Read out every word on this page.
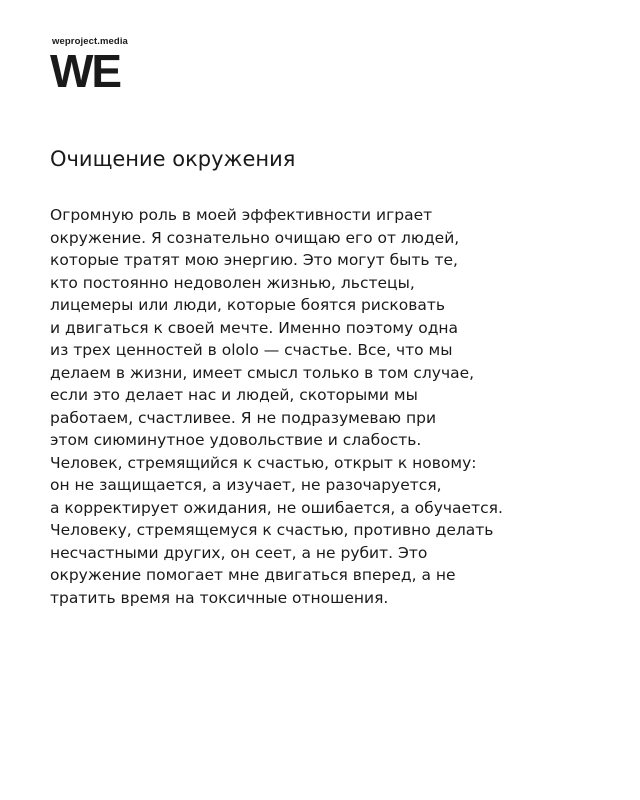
weproject.media
WE
Очищение окружения
Огромную роль в моей эффективности играет
окружение. Я сознательно очищаю его от людей,
которые тратят мою энергию. Это могут быть те,
кто постоянно недоволен жизнью, льстецы,
лицемеры или люди, которые боятся рисковать
и двигаться к своей мечте. Именно поэтому одна
из трех ценностей в ololo — счастье. Все, что мы
делаем в жизни, имеет смысл только в том случае,
если это делает нас и людей, скоторыми мы
работаем, счастливее. Я не подразумеваю при
этом сиюминутное удовольствие и слабость.
Человек, стремящийся к счастью, открыт к новому:
он не защищается, а изучает, не разочаруется,
а корректирует ожидания, не ошибается, а обучается.
Человеку, стремящемуся к счастью, противно делать
несчастными других, он сеет, а не рубит. Это
окружение помогает мне двигаться вперед, а не
тратить время на токсичные отношения.
